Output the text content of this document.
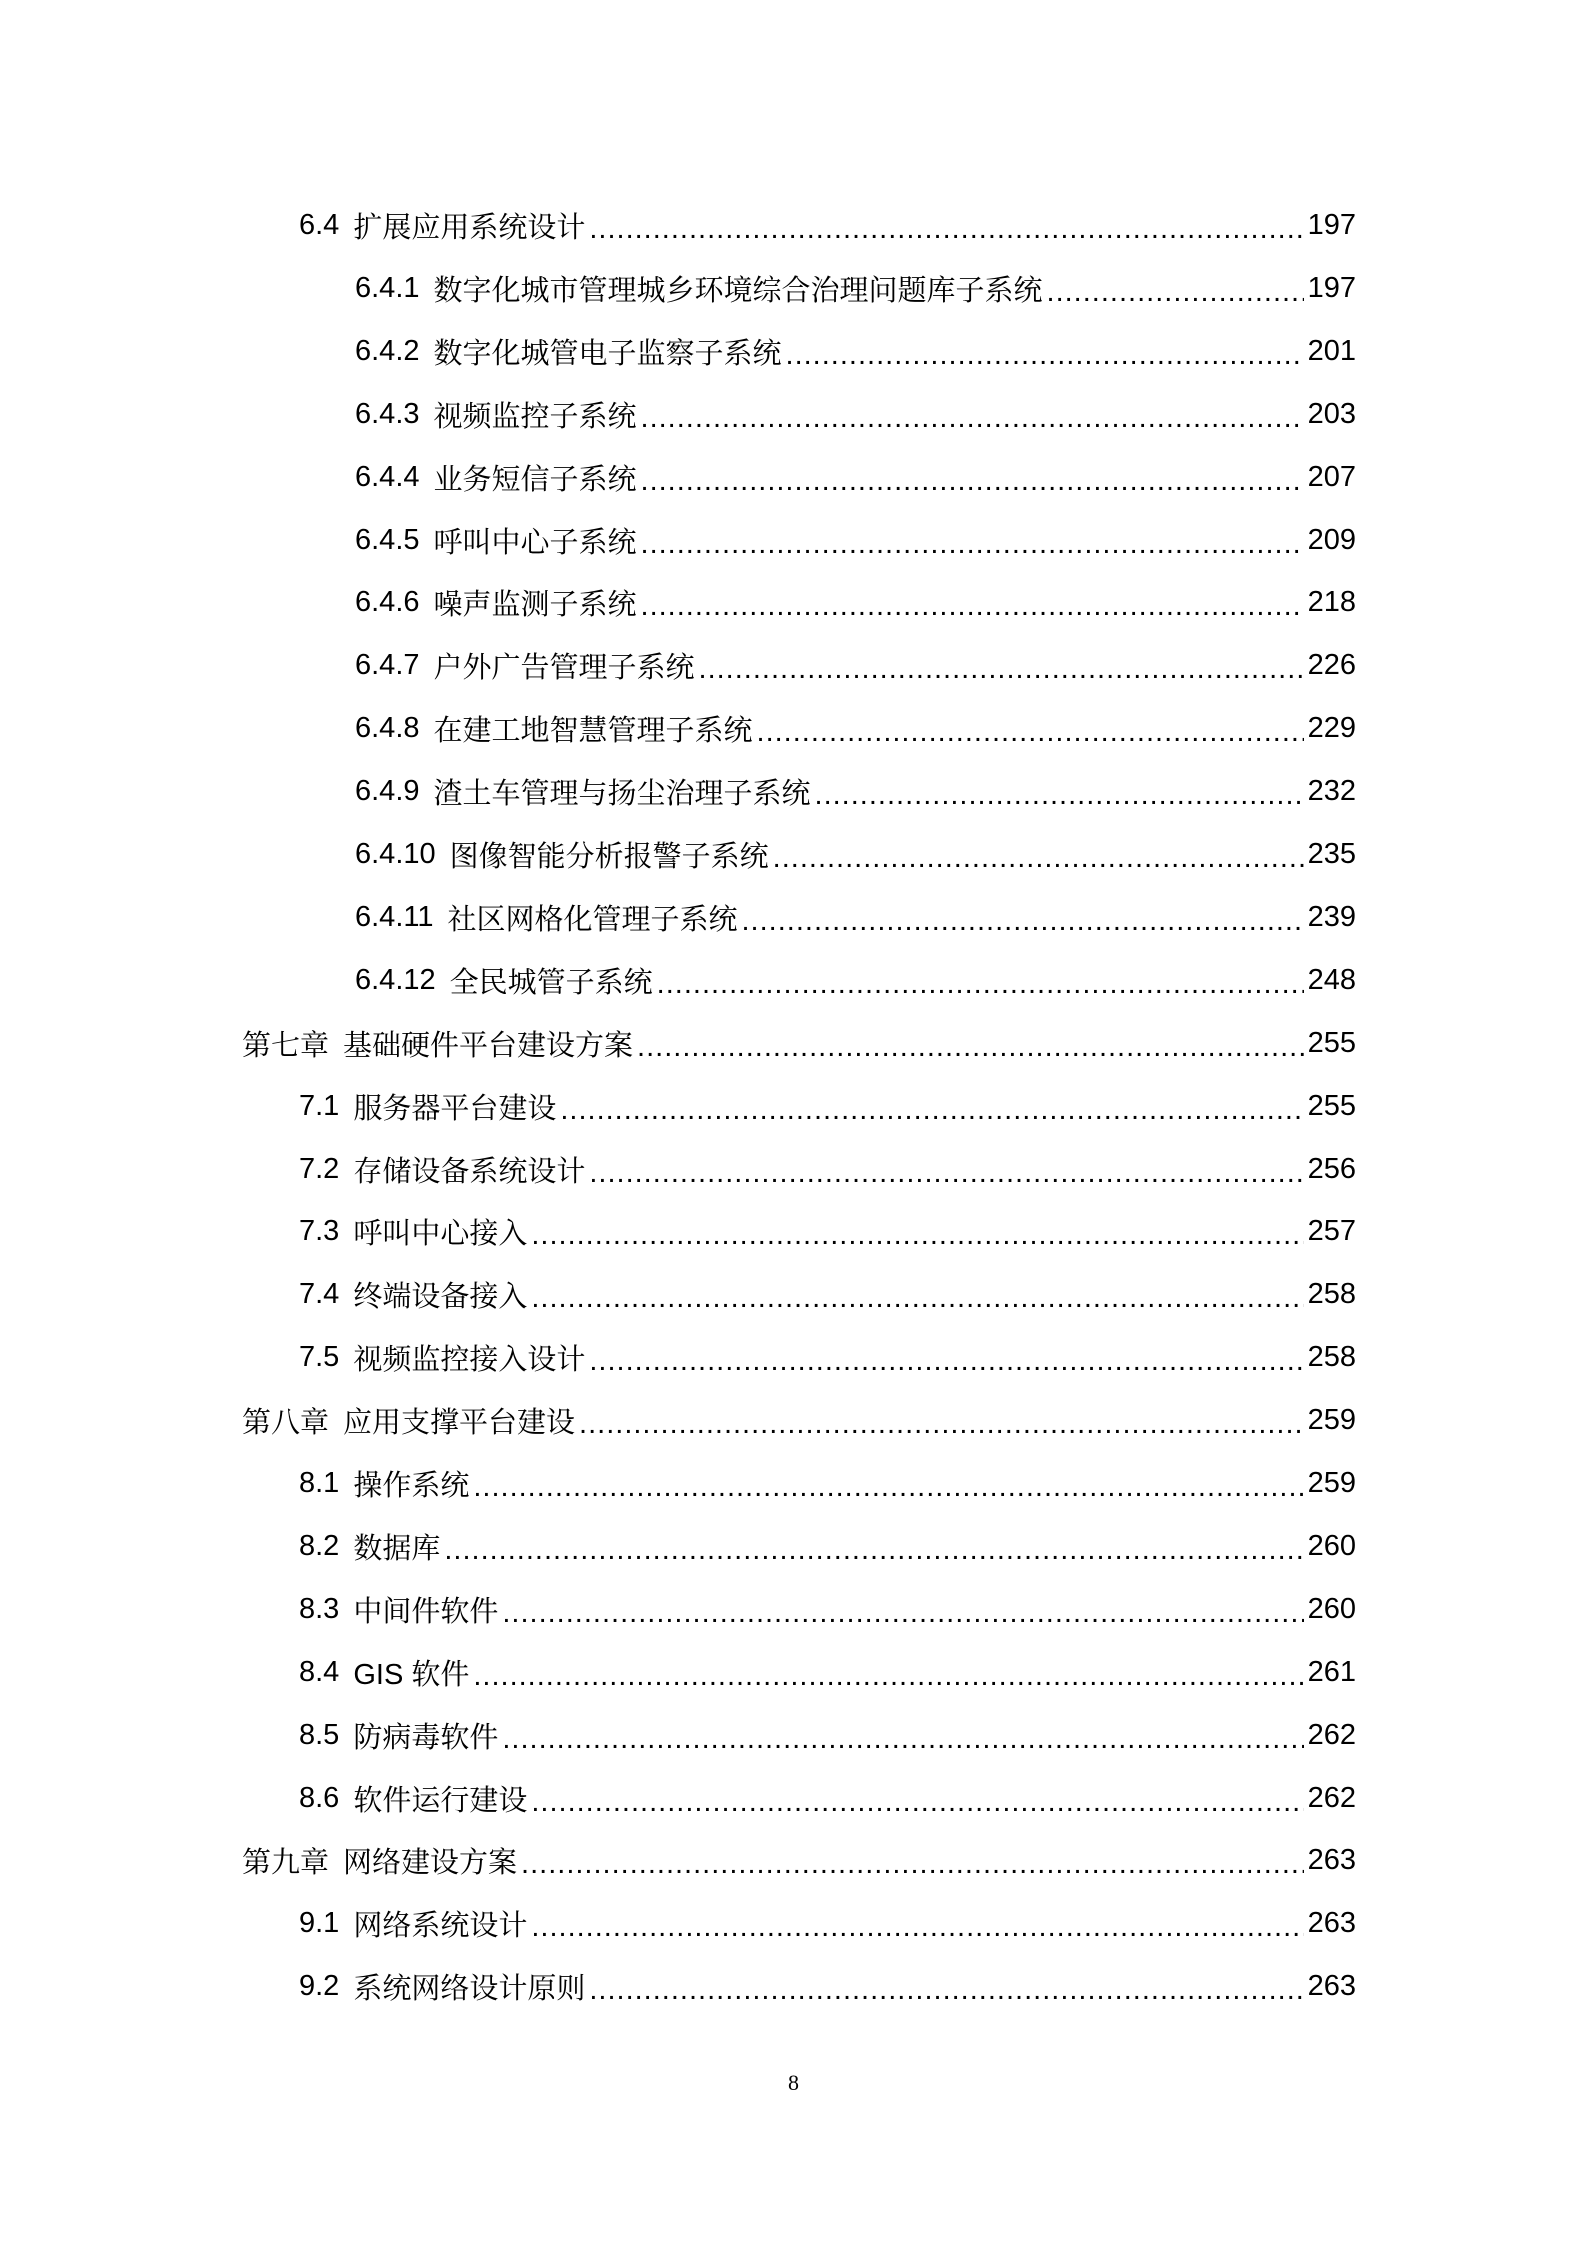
6.4 扩展应用系统设计 .....	197
6.4.1 数字化城市管理城乡环境综合治理问题库子系统 .....	197
6.4.2 数字化城管电子监察子系统 .....	201
6.4.3 视频监控子系统 .....	203
6.4.4 业务短信子系统 .....	207
6.4.5 呼叫中心子系统 .....	209
6.4.6 噪声监测子系统 .....	218
6.4.7 户外广告管理子系统 .....	226
6.4.8 在建工地智慧管理子系统 .....	229
6.4.9 渣土车管理与扬尘治理子系统 .....	232
6.4.10 图像智能分析报警子系统 .....	235
6.4.11 社区网格化管理子系统 .....	239
6.4.12 全民城管子系统 .....	248
第七章 基础硬件平台建设方案 .....	255
7.1 服务器平台建设 .....	255
7.2 存储设备系统设计 .....	256
7.3 呼叫中心接入 .....	257
7.4 终端设备接入 .....	258
7.5 视频监控接入设计 .....	258
第八章 应用支撑平台建设 .....	259
8.1 操作系统 .....	259
8.2 数据库 .....	260
8.3 中间件软件 .....	260
8.4 GIS 软件 .....	261
8.5 防病毒软件 .....	262
8.6 软件运行建设 .....	262
第九章 网络建设方案 .....	263
9.1 网络系统设计 .....	263
9.2 系统网络设计原则 .....	263
8
